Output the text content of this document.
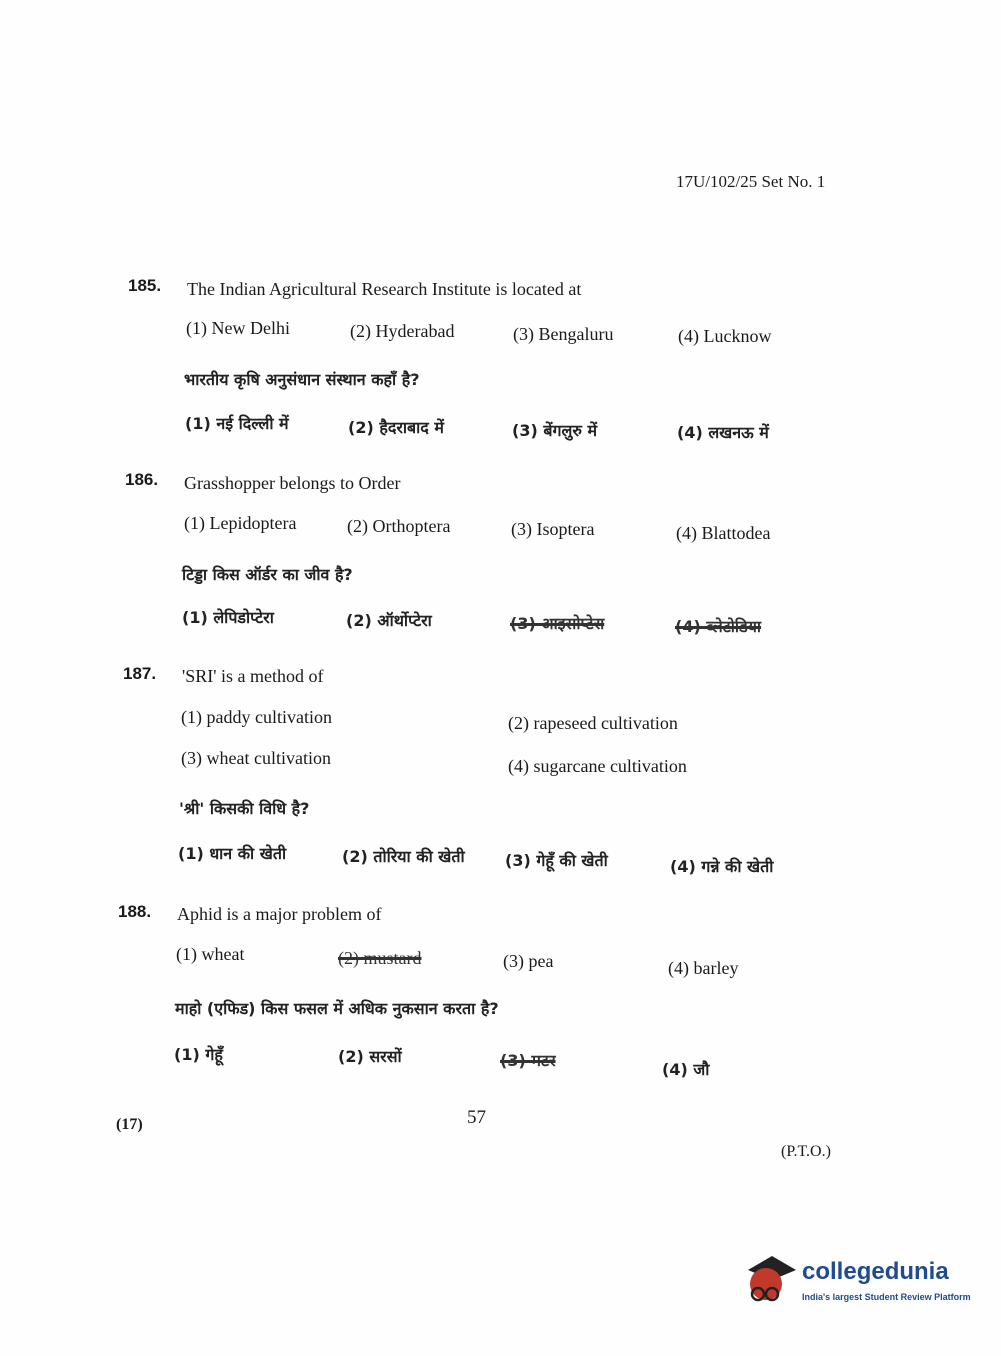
17U/102/25 Set No. 1
185. The Indian Agricultural Research Institute is located at
(1) New Delhi	(2) Hyderabad	(3) Bengaluru	(4) Lucknow
भारतीय कृषि अनुसंधान संस्थान कहाँ है?
(1) नई दिल्ली में	(2) हैदराबाद में	(3) बेंगलुरु में	(4) लखनऊ में
186. Grasshopper belongs to Order
(1) Lepidoptera	(2) Orthoptera	(3) Isoptera	(4) Blattodea
टिड्डा किस ऑर्डर का जीव है?
(1) लेपिडोप्टेरा	(2) ऑर्थोप्टेरा	(3) आइसोप्टेरा	(4) ब्लेटोडिया
187. 'SRI' is a method of
(1) paddy cultivation	(2) rapeseed cultivation
(3) wheat cultivation	(4) sugarcane cultivation
'श्री' किसकी विधि है?
(1) धान की खेती	(2) तोरिया की खेती	(3) गेहूँ की खेती	(4) गन्ने की खेती
188. Aphid is a major problem of
(1) wheat	(2) mustard	(3) pea	(4) barley
माहो (एफिड) किस फसल में अधिक नुकसान करता है?
(1) गेहूँ	(2) सरसों	(3) मटर	(4) जौ
(17)	57
(P.T.O.)
collegedunia
India's largest Student Review Platform
